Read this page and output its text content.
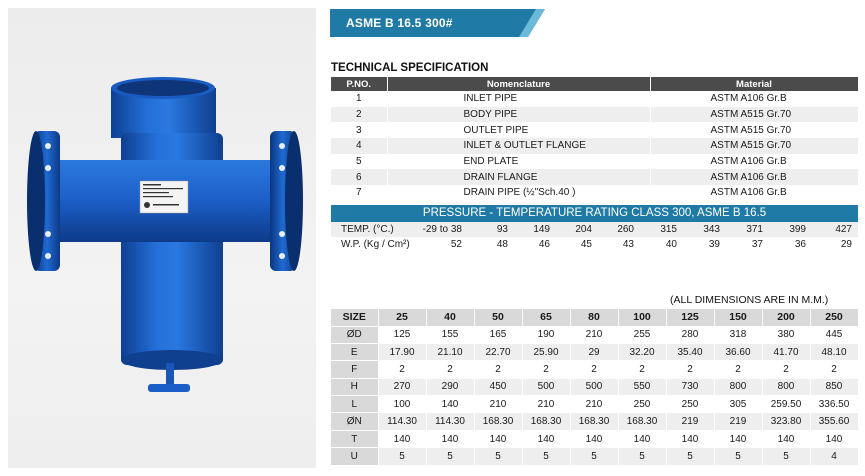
ASME B 16.5 300#
TECHNICAL SPECIFICATION
P.NO.	Nomenclature	Material
1	INLET PIPE	ASTM A106 Gr.B
2	BODY PIPE	ASTM A515 Gr.70
3	OUTLET PIPE	ASTM A515 Gr.70
4	INLET & OUTLET FLANGE	ASTM A515 Gr.70
5	END PLATE	ASTM A106 Gr.B
6	DRAIN FLANGE	ASTM A106 Gr.B
7	DRAIN PIPE (½"Sch.40 )	ASTM A106 Gr.B
PRESSURE - TEMPERATURE RATING CLASS 300, ASME B 16.5
TEMP. (°C.)	-29 to 38	93	149	204	260	315	343	371	399	427
W.P. (Kg / Cm²)	52	48	46	45	43	40	39	37	36	29
(ALL DIMENSIONS ARE IN M.M.)
SIZE	25	40	50	65	80	100	125	150	200	250
ØD	125	155	165	190	210	255	280	318	380	445
E	17.90	21.10	22.70	25.90	29	32.20	35.40	36.60	41.70	48.10
F	2	2	2	2	2	2	2	2	2	2
H	270	290	450	500	500	550	730	800	800	850
L	100	140	210	210	210	250	250	305	259.50	336.50
ØN	114.30	114.30	168.30	168.30	168.30	168.30	219	219	323.80	355.60
T	140	140	140	140	140	140	140	140	140	140
U	5	5	5	5	5	5	5	5	5	4
